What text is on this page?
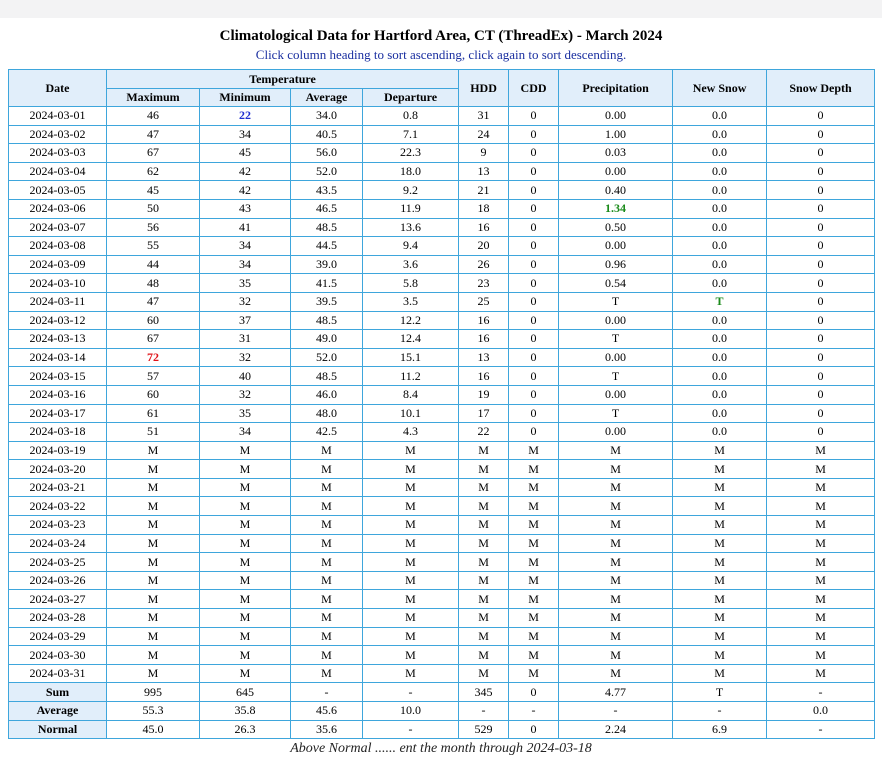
Climatological Data for Hartford Area, CT (ThreadEx) - March 2024
Click column heading to sort ascending, click again to sort descending.
Date	Temperature				HDD	CDD	Precipitation	New Snow	Snow Depth
	Maximum	Minimum	Average	Departure					
2024-03-01	46	22	34.0	0.8	31	0	0.00	0.0	0
2024-03-02	47	34	40.5	7.1	24	0	1.00	0.0	0
2024-03-03	67	45	56.0	22.3	9	0	0.03	0.0	0
2024-03-04	62	42	52.0	18.0	13	0	0.00	0.0	0
2024-03-05	45	42	43.5	9.2	21	0	0.40	0.0	0
2024-03-06	50	43	46.5	11.9	18	0	1.34	0.0	0
2024-03-07	56	41	48.5	13.6	16	0	0.50	0.0	0
2024-03-08	55	34	44.5	9.4	20	0	0.00	0.0	0
2024-03-09	44	34	39.0	3.6	26	0	0.96	0.0	0
2024-03-10	48	35	41.5	5.8	23	0	0.54	0.0	0
2024-03-11	47	32	39.5	3.5	25	0	T	T	0
2024-03-12	60	37	48.5	12.2	16	0	0.00	0.0	0
2024-03-13	67	31	49.0	12.4	16	0	T	0.0	0
2024-03-14	72	32	52.0	15.1	13	0	0.00	0.0	0
2024-03-15	57	40	48.5	11.2	16	0	T	0.0	0
2024-03-16	60	32	46.0	8.4	19	0	0.00	0.0	0
2024-03-17	61	35	48.0	10.1	17	0	T	0.0	0
2024-03-18	51	34	42.5	4.3	22	0	0.00	0.0	0
2024-03-19	M	M	M	M	M	M	M	M	M
2024-03-20	M	M	M	M	M	M	M	M	M
2024-03-21	M	M	M	M	M	M	M	M	M
2024-03-22	M	M	M	M	M	M	M	M	M
2024-03-23	M	M	M	M	M	M	M	M	M
2024-03-24	M	M	M	M	M	M	M	M	M
2024-03-25	M	M	M	M	M	M	M	M	M
2024-03-26	M	M	M	M	M	M	M	M	M
2024-03-27	M	M	M	M	M	M	M	M	M
2024-03-28	M	M	M	M	M	M	M	M	M
2024-03-29	M	M	M	M	M	M	M	M	M
2024-03-30	M	M	M	M	M	M	M	M	M
2024-03-31	M	M	M	M	M	M	M	M	M
Sum	995	645	-	-	345	0	4.77	T	-
Average	55.3	35.8	45.6	10.0	-	-	-	-	0.0
Normal	45.0	26.3	35.6	-	529	0	2.24	6.9	-
Above Normal ...... ent the month through 2024-03-18
